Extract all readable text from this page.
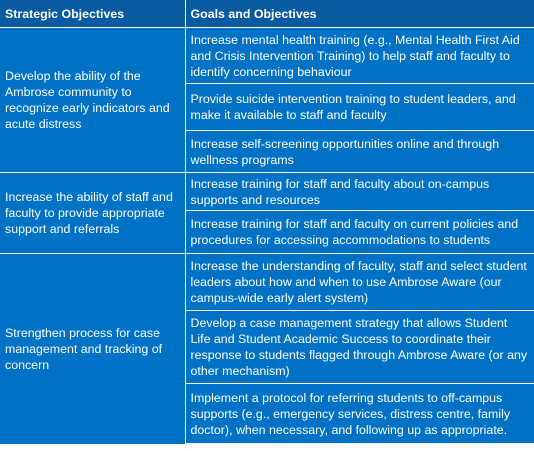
Strategic Objectives	Goals and Objectives
Develop the ability of the Ambrose community to recognize early indicators and acute distress	Increase mental health training (e.g., Mental Health First Aid and Crisis Intervention Training) to help staff and faculty to identify concerning behaviour
	Provide suicide intervention training to student leaders, and make it available to staff and faculty
	Increase self-screening opportunities online and through wellness programs
Increase the ability of staff and faculty to provide appropriate support and referrals	Increase training for staff and faculty about on-campus supports and resources
	Increase training for staff and faculty on current policies and procedures for accessing accommodations to students
Strengthen process for case management and tracking of concern	Increase the understanding of faculty, staff and select student leaders about how and when to use Ambrose Aware (our campus-wide early alert system)
	Develop a case management strategy that allows Student Life and Student Academic Success to coordinate their response to students flagged through Ambrose Aware (or any other mechanism)
	Implement a protocol for referring students to off-campus supports (e.g., emergency services, distress centre, family doctor), when necessary, and following up as appropriate.
